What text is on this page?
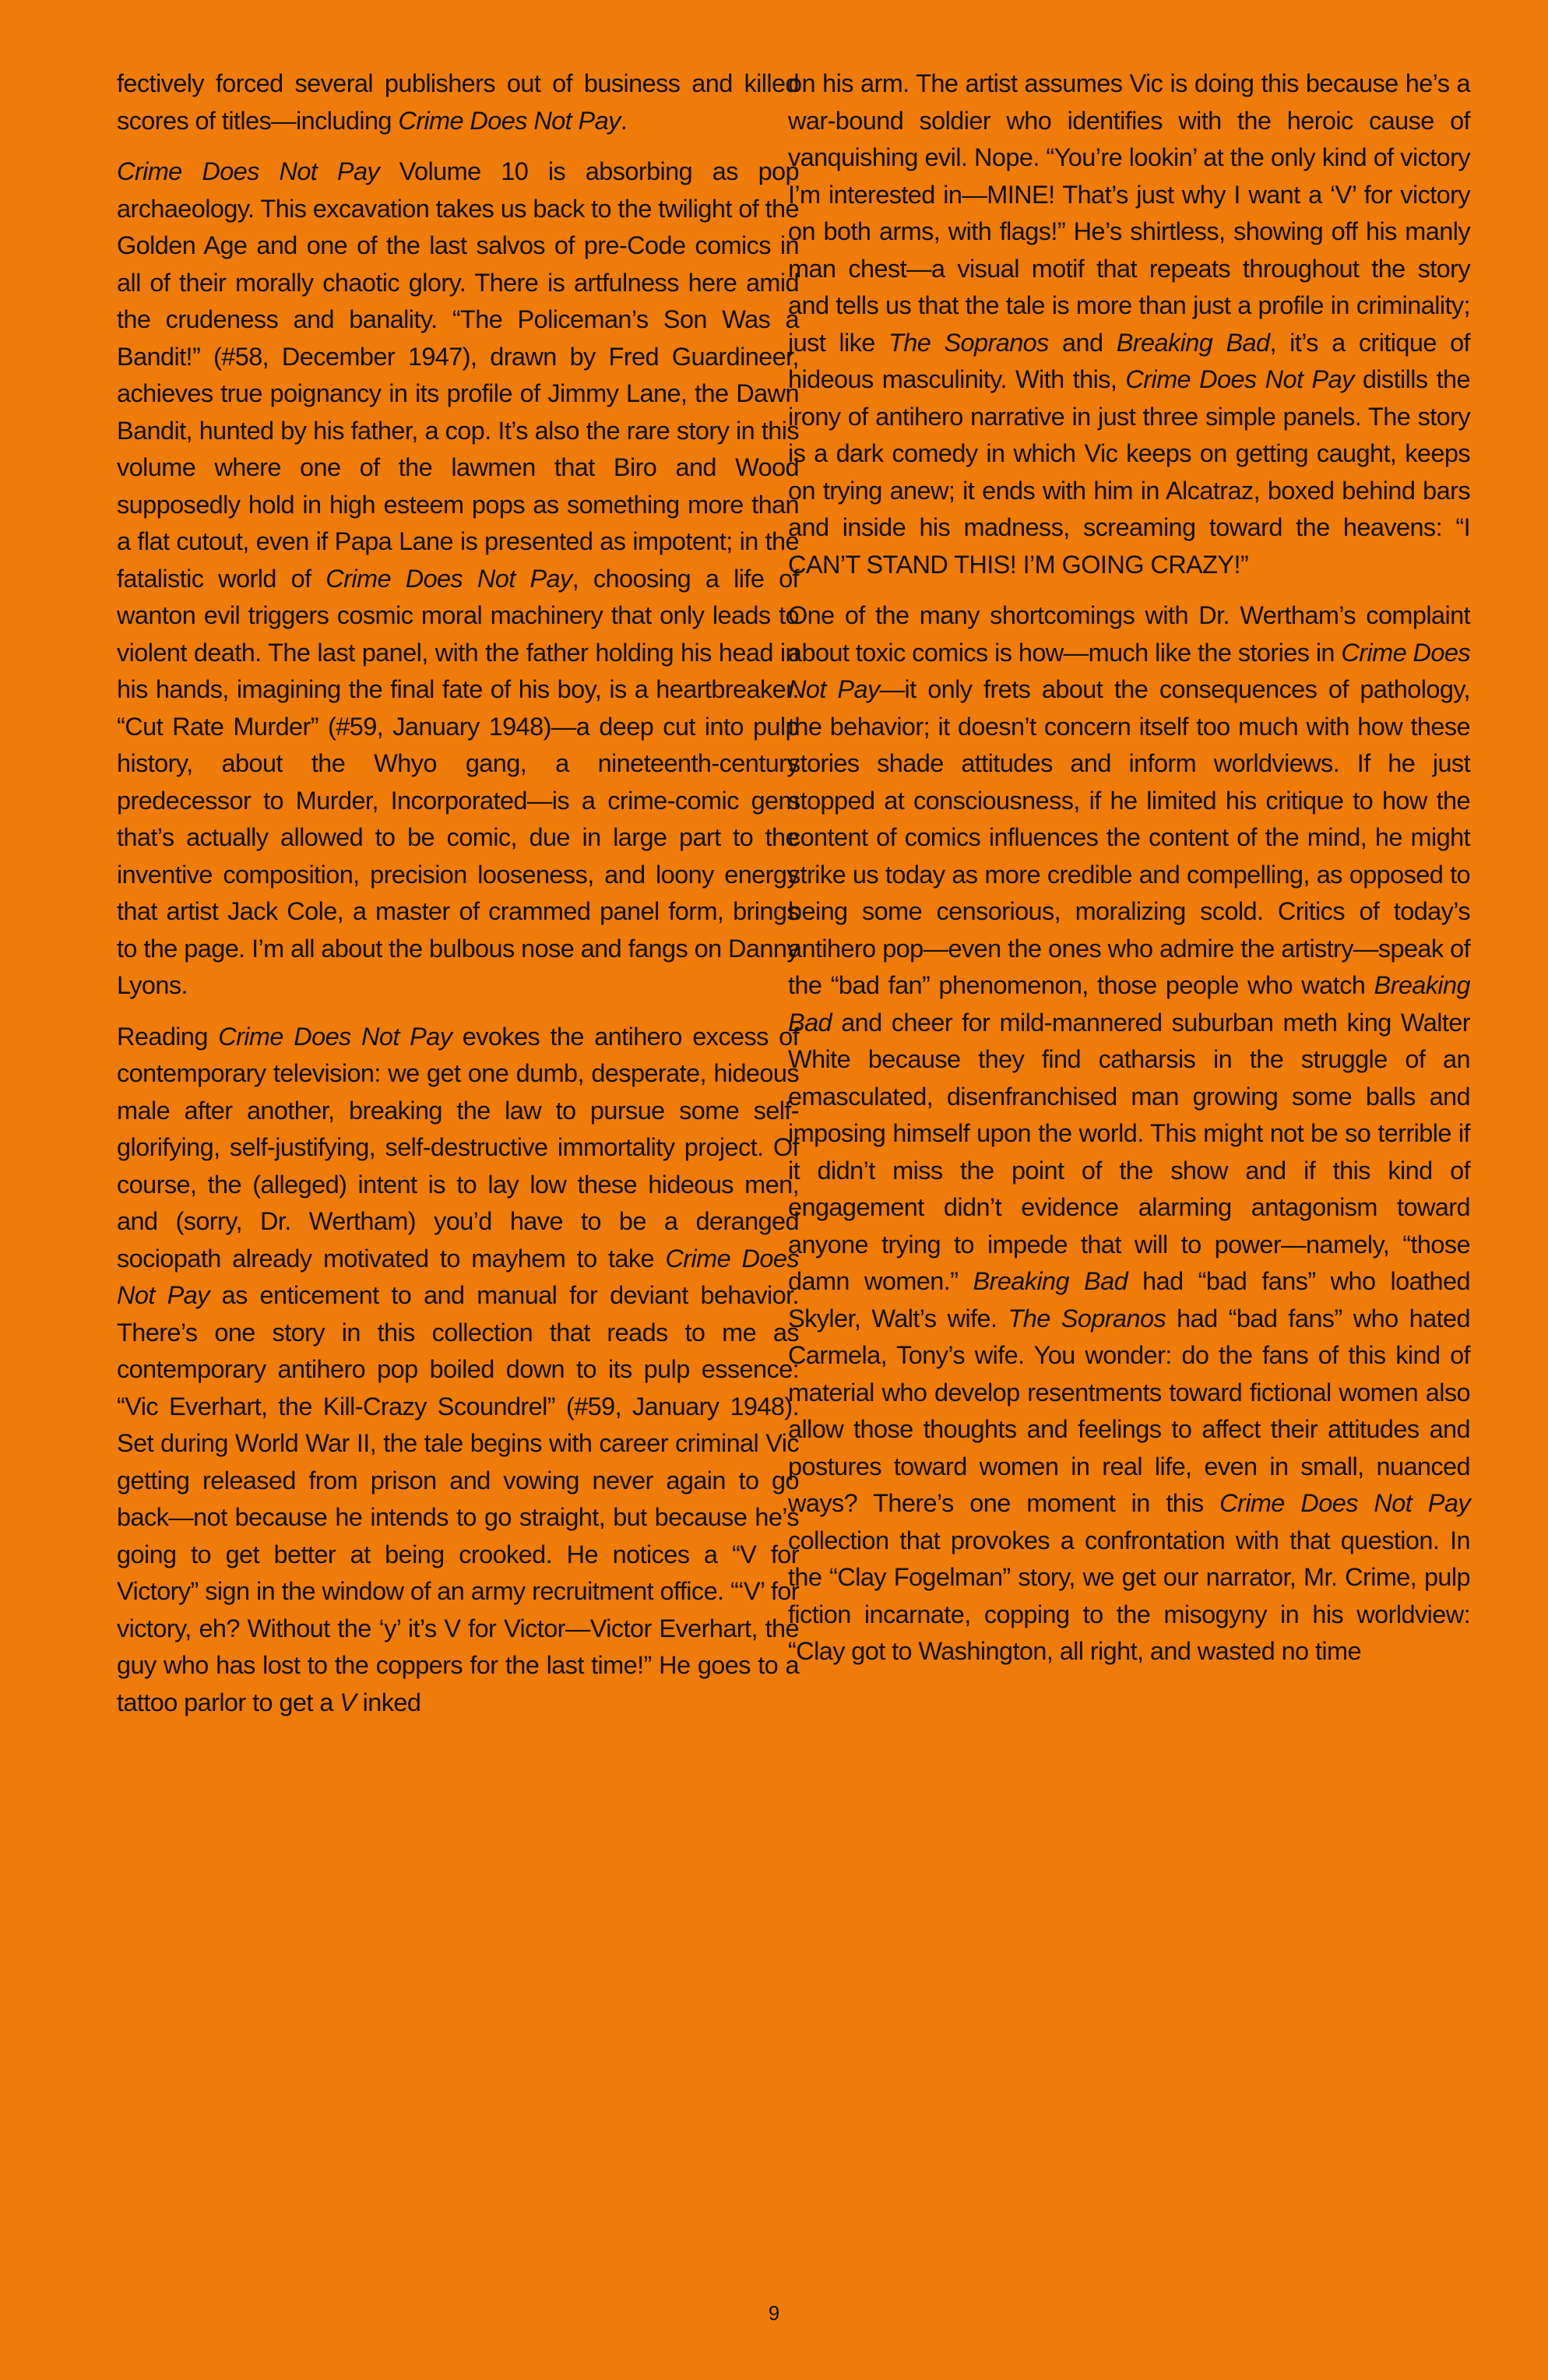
fectively forced several publishers out of business and killed scores of titles—including Crime Does Not Pay.

Crime Does Not Pay Volume 10 is absorbing as pop archaeology. This excavation takes us back to the twilight of the Golden Age and one of the last salvos of pre-Code comics in all of their morally chaotic glory. There is artfulness here amid the crudeness and banality. “The Policeman’s Son Was a Bandit!” (#58, December 1947), drawn by Fred Guardineer, achieves true poignancy in its profile of Jimmy Lane, the Dawn Bandit, hunted by his father, a cop. It’s also the rare story in this volume where one of the lawmen that Biro and Wood supposedly hold in high esteem pops as something more than a flat cutout, even if Papa Lane is presented as impotent; in the fatalistic world of Crime Does Not Pay, choosing a life of wanton evil triggers cosmic moral machinery that only leads to violent death. The last panel, with the father holding his head in his hands, imagining the final fate of his boy, is a heartbreaker. “Cut Rate Murder” (#59, January 1948)—a deep cut into pulp history, about the Whyo gang, a nineteenth-century predecessor to Murder, Incorporated—is a crime-comic gem that’s actually allowed to be comic, due in large part to the inventive composition, precision looseness, and loony energy that artist Jack Cole, a master of crammed panel form, brings to the page. I’m all about the bulbous nose and fangs on Danny Lyons.

Reading Crime Does Not Pay evokes the antihero excess of contemporary television: we get one dumb, desperate, hideous male after another, breaking the law to pursue some self-glorifying, self-justifying, self-destructive immortality project. Of course, the (alleged) intent is to lay low these hideous men, and (sorry, Dr. Wertham) you’d have to be a deranged sociopath already motivated to mayhem to take Crime Does Not Pay as enticement to and manual for deviant behavior. There’s one story in this collection that reads to me as contemporary antihero pop boiled down to its pulp essence: “Vic Everhart, the Kill-Crazy Scoundrel” (#59, January 1948). Set during World War II, the tale begins with career criminal Vic getting released from prison and vowing never again to go back—not because he intends to go straight, but because he’s going to get better at being crooked. He notices a “V for Victory” sign in the window of an army recruitment office. “‘V’ for victory, eh? Without the ‘y’ it’s V for Victor—Victor Everhart, the guy who has lost to the coppers for the last time!” He goes to a tattoo parlor to get a V inked

on his arm. The artist assumes Vic is doing this because he’s a war-bound soldier who identifies with the heroic cause of vanquishing evil. Nope. “You’re lookin’ at the only kind of victory I’m interested in—MINE! That’s just why I want a ‘V’ for victory on both arms, with flags!” He’s shirtless, showing off his manly man chest—a visual motif that repeats throughout the story and tells us that the tale is more than just a profile in criminality; just like The Sopranos and Breaking Bad, it’s a critique of hideous masculinity. With this, Crime Does Not Pay distills the irony of antihero narrative in just three simple panels. The story is a dark comedy in which Vic keeps on getting caught, keeps on trying anew; it ends with him in Alcatraz, boxed behind bars and inside his madness, screaming toward the heavens: “I CAN’T STAND THIS! I’M GOING CRAZY!”

One of the many shortcomings with Dr. Wertham’s complaint about toxic comics is how—much like the stories in Crime Does Not Pay—it only frets about the consequences of pathology, the behavior; it doesn’t concern itself too much with how these stories shade attitudes and inform worldviews. If he just stopped at consciousness, if he limited his critique to how the content of comics influences the content of the mind, he might strike us today as more credible and compelling, as opposed to being some censorious, moralizing scold. Critics of today’s antihero pop—even the ones who admire the artistry—speak of the “bad fan” phenomenon, those people who watch Breaking Bad and cheer for mild-mannered suburban meth king Walter White because they find catharsis in the struggle of an emasculated, disenfranchised man growing some balls and imposing himself upon the world. This might not be so terrible if it didn’t miss the point of the show and if this kind of engagement didn’t evidence alarming antagonism toward anyone trying to impede that will to power—namely, “those damn women.” Breaking Bad had “bad fans” who loathed Skyler, Walt’s wife. The Sopranos had “bad fans” who hated Carmela, Tony’s wife. You wonder: do the fans of this kind of material who develop resentments toward fictional women also allow those thoughts and feelings to affect their attitudes and postures toward women in real life, even in small, nuanced ways? There’s one moment in this Crime Does Not Pay collection that provokes a confrontation with that question. In the “Clay Fogelman” story, we get our narrator, Mr. Crime, pulp fiction incarnate, copping to the misogyny in his worldview: “Clay got to Washington, all right, and wasted no time

9
